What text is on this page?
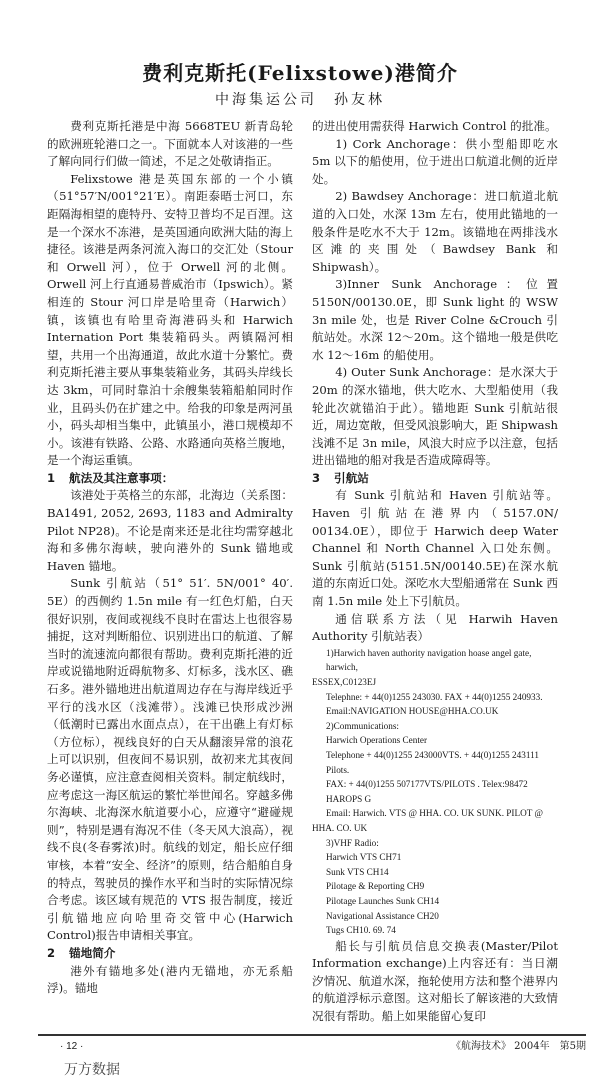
费利克斯托(Felixstowe)港简介
中海集运公司　孙友林

费利克斯托港是中海 5668TEU 新青岛轮的欧洲班轮港口之一。下面就本人对该港的一些了解向同行们做一简述，不足之处敬请指正。

Felixstowe 港是英国东部的一个小镇（51°57′N/001°21′E）。南距泰晤士河口，东距隔海相望的鹿特丹、安特卫普均不足百浬。这是一个深水不冻港，是英国通向欧洲大陆的海上捷径。该港是两条河流入海口的交汇处（Stour 和 Orwell 河），位于 Orwell 河的北侧。Orwell 河上行直通易普威治市（Ipswich）。紧相连的 Stour 河口岸是哈里奇（Harwich）镇，该镇也有哈里奇海港码头和 Harwich Internation Port 集装箱码头。两镇隔河相望，共用一个出海通道，故此水道十分繁忙。费利克斯托港主要从事集装箱业务，其码头岸线长达 3km，可同时靠泊十余艘集装箱船舶同时作业，且码头仍在扩建之中。给我的印象是两河虽小，码头却相当集中，此镇虽小，港口规模却不小。该港有铁路、公路、水路通向英格兰腹地，是一个海运重镇。

1 航法及其注意事项：

该港处于英格兰的东部，北海边（关系图：BA1491, 2052, 2693, 1183 and Admiralty Pilot NP28)。不论是南来还是北往均需穿越北海和多佛尔海峡，驶向港外的 Sunk 锚地或 Haven 锚地。

Sunk 引航站（51° 51′. 5N/001° 40′. 5E）的西侧约 1.5n mile 有一红色灯船，白天很好识别，夜间或视线不良时在雷达上也很容易捕捉，这对判断船位、识别进出口的航道、了解当时的流速流向都很有帮助。费利克斯托港的近岸或说锚地附近碍航物多、灯标多，浅水区、礁石多。港外锚地进出航道周边存在与海岸线近乎平行的浅水区（浅滩带）。浅滩已快形成沙洲（低潮时已露出水面点点），在干出礁上有灯标（方位标），视线良好的白天从翻滚异常的浪花上可以识别，但夜间不易识别，故初来尤其夜间务必谨慎，应注意查阅相关资料。制定航线时，应考虑这一海区航运的繁忙举世闻名。穿越多佛尔海峡、北海深水航道要小心，应遵守“避碰规则”，特别是遇有海况不佳（冬天风大浪高），视线不良(冬春雾浓)时。航线的划定，船长应仔细审核，本着“安全、经济”的原则，结合船舶自身的特点，驾驶员的操作水平和当时的实际情况综合考虑。该区域有规范的 VTS 报告制度，接近引航锚地应向哈里奇交管中心(Harwich　Control)报告申请相关事宜。

2 锚地简介

港外有锚地多处(港内无锚地，亦无系船浮)。锚地

的进出使用需获得 Harwich Control 的批准。

1) Cork Anchorage：供小型船即吃水 5m 以下的船使用，位于进出口航道北侧的近岸处。

2) Bawdsey Anchorage：进口航道北航道的入口处，水深 13m 左右，使用此锚地的一般条件是吃水不大于 12m。该锚地在两排浅水区滩的夹围处（Bawdsey Bank 和 Shipwash）。

3)Inner Sunk Anchorage：位置 5150N/00130.0E，即 Sunk light 的 WSW 3n mile 处，也是 River Colne &Crouch 引航站处。水深 12～20m。这个锚地一般是供吃水 12～16m 的船使用。

4) Outer Sunk Anchorage：是水深大于 20m 的深水锚地，供大吃水、大型船使用（我轮此次就锚泊于此）。锚地距 Sunk 引航站很近，周边宽敞，但受风浪影响大，距 Shipwash 浅滩不足 3n mile，风浪大时应予以注意，包括进出锚地的船对我是否造成障碍等。

3 引航站

有 Sunk 引航站和 Haven 引航站等。Haven 引航站在港界内（5157.0N/ 00134.0E），即位于 Harwich deep Water Channel 和 North Channel 入口处东侧。Sunk 引航站(5151.5N/00140.5E)在深水航道的东南近口处。深吃水大型船通常在 Sunk 西南 1.5n mile 处上下引航员。

通信联系方法（见 Harwih Haven Authority 引航站表）

1)Harwich haven authority navigation hoase angel gate, harwich,
ESSEX,C0123EJ
Telephne: + 44(0)1255 243030. FAX + 44(0)1255 240933.
Email:NAVIGATION HOUSE@HHA.CO.UK
2)Communications:
Harwich Operations Center
Telephone + 44(0)1255 243000VTS. + 44(0)1255 243111 Pilots.
FAX: + 44(0)1255 507177VTS/PILOTS . Telex:98472 HAROPS G
Email: Harwich. VTS @ HHA. CO. UK SUNK. PILOT @
HHA. CO. UK
3)VHF Radio:
Harwich VTS CH71
Sunk VTS CH14
Pilotage & Reporting CH9
Pilotage Launches Sunk CH14
Navigational Assistance CH20
Tugs CH10. 69. 74

船长与引航员信息交换表(Master/Pilot Information exchange)上内容还有：当日潮汐情况、航道水深，拖轮使用方法和整个港界内的航道浮标示意图。这对船长了解该港的大致情况很有帮助。船上如果能留心复印

· 12 ·	《航海技术》 2004年　第5期
万方数据
